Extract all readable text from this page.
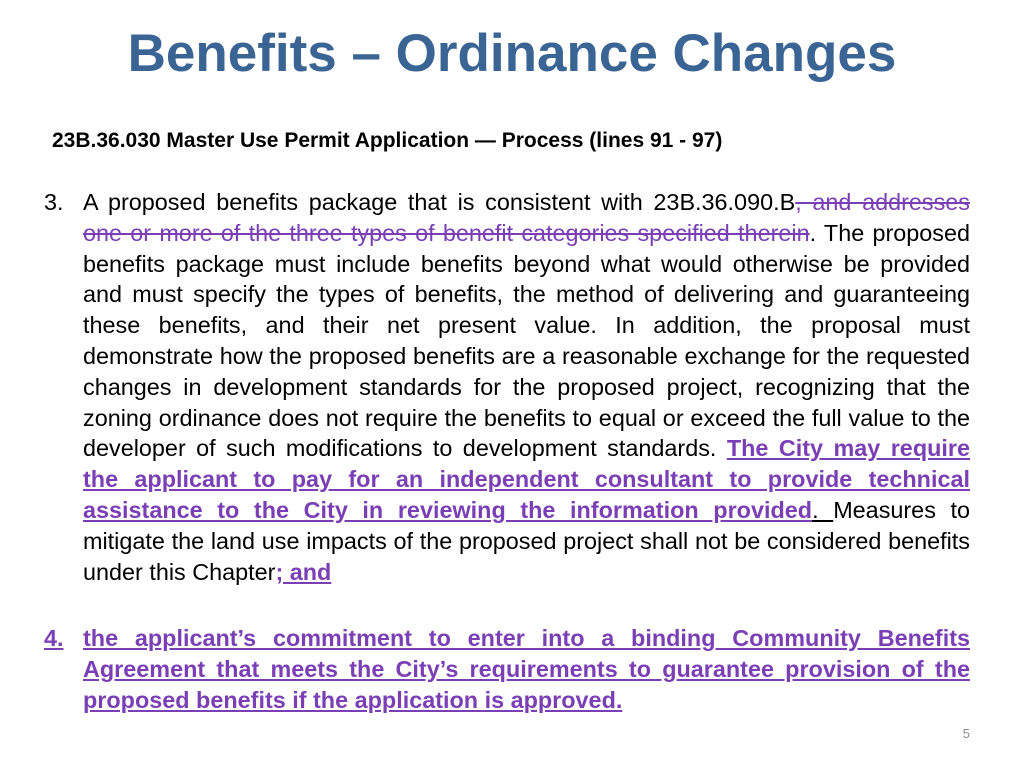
Benefits – Ordinance Changes
23B.36.030 Master Use Permit Application — Process (lines 91 - 97)
3. A proposed benefits package that is consistent with 23B.36.090.B, and addresses one or more of the three types of benefit categories specified therein. The proposed benefits package must include benefits beyond what would otherwise be provided and must specify the types of benefits, the method of delivering and guaranteeing these benefits, and their net present value. In addition, the proposal must demonstrate how the proposed benefits are a reasonable exchange for the requested changes in development standards for the proposed project, recognizing that the zoning ordinance does not require the benefits to equal or exceed the full value to the developer of such modifications to development standards. The City may require the applicant to pay for an independent consultant to provide technical assistance to the City in reviewing the information provided. Measures to mitigate the land use impacts of the proposed project shall not be considered benefits under this Chapter; and
4. the applicant’s commitment to enter into a binding Community Benefits Agreement that meets the City’s requirements to guarantee provision of the proposed benefits if the application is approved.
5
